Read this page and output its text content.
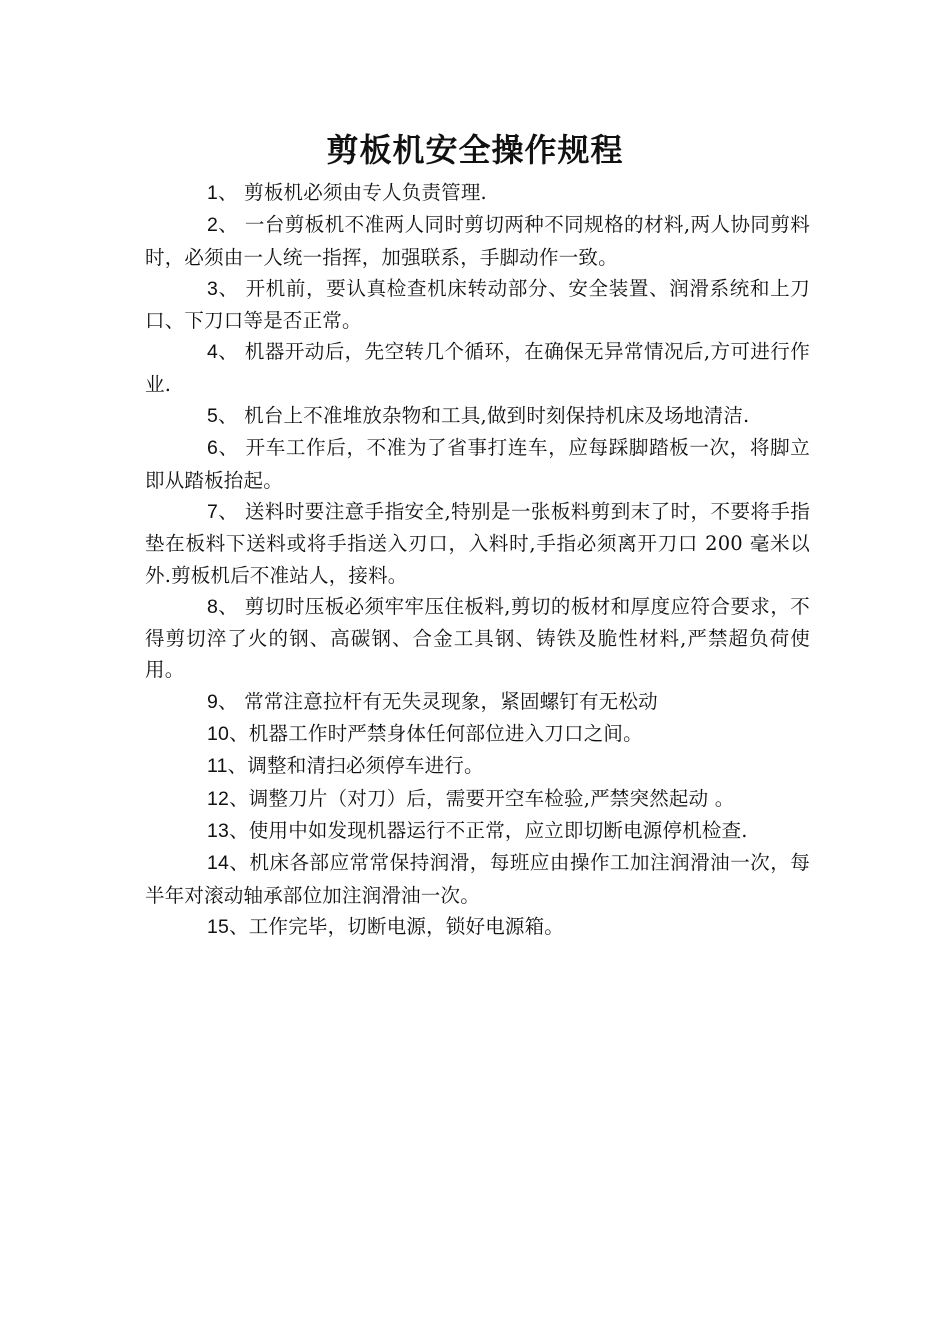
剪板机安全操作规程
1、 剪板机必须由专人负责管理.
2、 一台剪板机不准两人同时剪切两种不同规格的材料,两人协同剪料时，必须由一人统一指挥，加强联系，手脚动作一致。
3、 开机前，要认真检查机床转动部分、安全装置、润滑系统和上刀口、下刀口等是否正常。
4、 机器开动后，先空转几个循环，在确保无异常情况后,方可进行作业.
5、 机台上不准堆放杂物和工具,做到时刻保持机床及场地清洁.
6、 开车工作后，不准为了省事打连车，应每踩脚踏板一次，将脚立即从踏板抬起。
7、 送料时要注意手指安全,特别是一张板料剪到末了时，不要将手指垫在板料下送料或将手指送入刃口，入料时,手指必须离开刀口 200 毫米以外.剪板机后不准站人，接料。
8、 剪切时压板必须牢牢压住板料,剪切的板材和厚度应符合要求，不得剪切淬了火的钢、高碳钢、合金工具钢、铸铁及脆性材料,严禁超负荷使用。
9、 常常注意拉杆有无失灵现象，紧固螺钉有无松动
10、机器工作时严禁身体任何部位进入刀口之间。
11、调整和清扫必须停车进行。
12、调整刀片（对刀）后，需要开空车检验,严禁突然起动 。
13、使用中如发现机器运行不正常，应立即切断电源停机检查.
14、机床各部应常常保持润滑，每班应由操作工加注润滑油一次，每半年对滚动轴承部位加注润滑油一次。
15、工作完毕，切断电源，锁好电源箱。
